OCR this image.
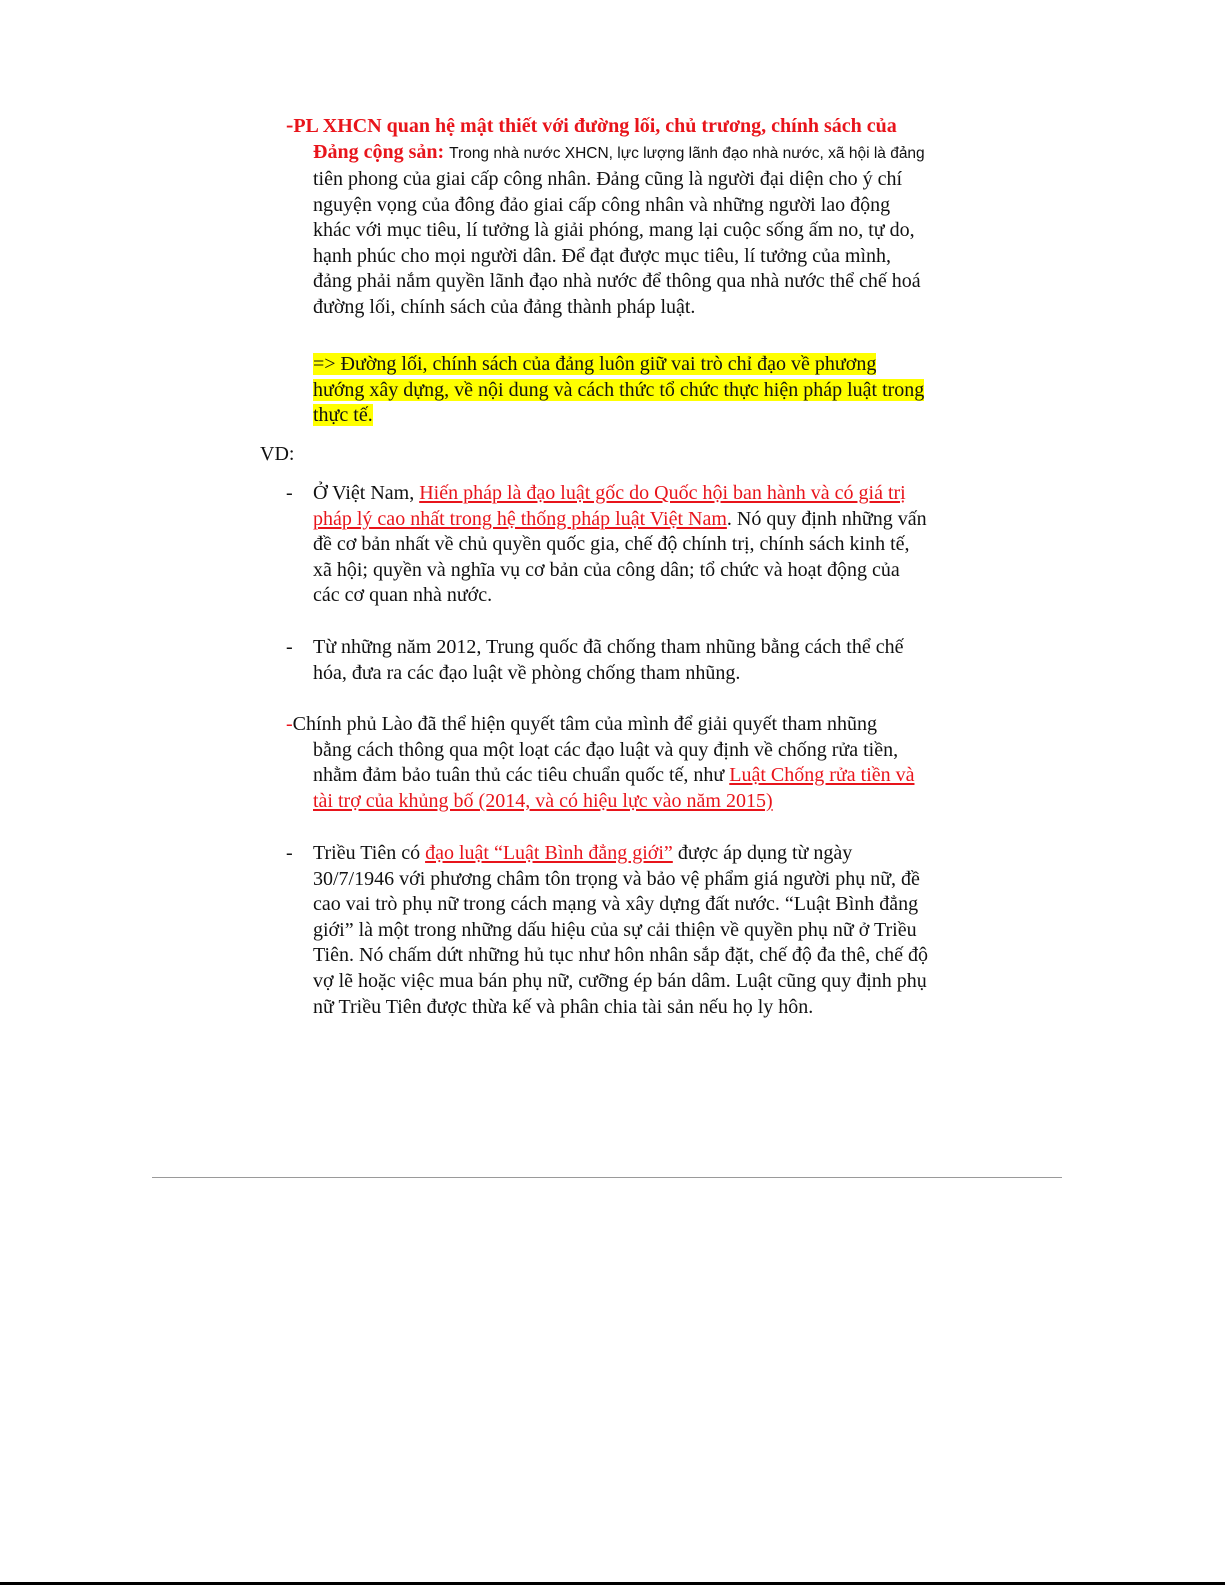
-PL XHCN quan hệ mật thiết với đường lối, chủ trương, chính sách của
Đảng cộng sản: Trong nhà nước XHCN, lực lượng lãnh đạo nhà nước, xã hội là đảng
tiên phong của giai cấp công nhân. Đảng cũng là người đại diện cho ý chí
nguyện vọng của đông đảo giai cấp công nhân và những người lao động
khác với mục tiêu, lí tưởng là giải phóng, mang lại cuộc sống ấm no, tự do,
hạnh phúc cho mọi người dân. Để đạt được mục tiêu, lí tưởng của mình,
đảng phải nắm quyền lãnh đạo nhà nước để thông qua nhà nước thể chế hoá
đường lối, chính sách của đảng thành pháp luật.
=> Đường lối, chính sách của đảng luôn giữ vai trò chỉ đạo về phương
hướng xây dựng, về nội dung và cách thức tổ chức thực hiện pháp luật trong
thực tế.
VD:
- Ở Việt Nam, Hiến pháp là đạo luật gốc do Quốc hội ban hành và có giá trị
pháp lý cao nhất trong hệ thống pháp luật Việt Nam. Nó quy định những vấn
đề cơ bản nhất về chủ quyền quốc gia, chế độ chính trị, chính sách kinh tế,
xã hội; quyền và nghĩa vụ cơ bản của công dân; tổ chức và hoạt động của
các cơ quan nhà nước.
- Từ những năm 2012, Trung quốc đã chống tham nhũng bằng cách thể chế
hóa, đưa ra các đạo luật về phòng chống tham nhũng.
-Chính phủ Lào đã thể hiện quyết tâm của mình để giải quyết tham nhũng
bằng cách thông qua một loạt các đạo luật và quy định về chống rửa tiền,
nhằm đảm bảo tuân thủ các tiêu chuẩn quốc tế, như Luật Chống rửa tiền và
tài trợ của khủng bố (2014, và có hiệu lực vào năm 2015)
- Triều Tiên có đạo luật “Luật Bình đẳng giới” được áp dụng từ ngày
30/7/1946 với phương châm tôn trọng và bảo vệ phẩm giá người phụ nữ, đề
cao vai trò phụ nữ trong cách mạng và xây dựng đất nước. “Luật Bình đẳng
giới” là một trong những dấu hiệu của sự cải thiện về quyền phụ nữ ở Triều
Tiên. Nó chấm dứt những hủ tục như hôn nhân sắp đặt, chế độ đa thê, chế độ
vợ lẽ hoặc việc mua bán phụ nữ, cưỡng ép bán dâm. Luật cũng quy định phụ
nữ Triều Tiên được thừa kế và phân chia tài sản nếu họ ly hôn.
